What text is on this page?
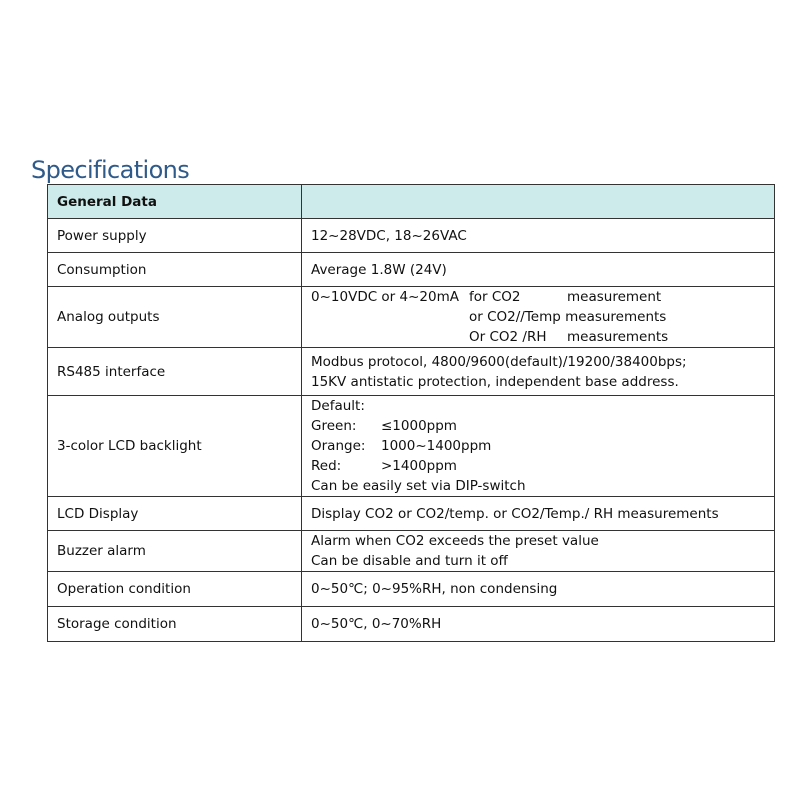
Specifications
General Data	
Power supply	12~28VDC, 18~26VAC
Consumption	Average 1.8W (24V)
Analog outputs	0~10VDC or 4~20mA for CO2 measurement
or CO2//Temp measurements
Or CO2 /RH measurements

RS485 interface	Modbus protocol, 4800/9600(default)/19200/38400bps;
15KV antistatic protection, independent base address.

3-color LCD backlight	Default:
Green: ≤1000ppm
Orange: 1000~1400ppm
Red: >1400ppm
Can be easily set via DIP-switch

LCD Display	Display CO2 or CO2/temp. or CO2/Temp./ RH measurements
Buzzer alarm	Alarm when CO2 exceeds the preset value
Can be disable and turn it off

Operation condition	0~50℃; 0~95%RH, non condensing
Storage condition	0~50℃, 0~70%RH
